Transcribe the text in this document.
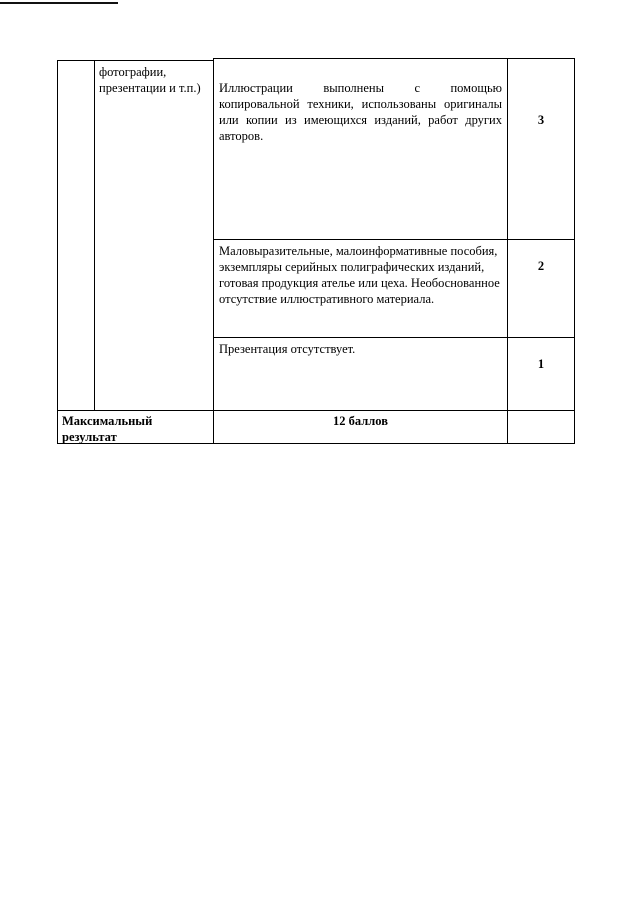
фотографии, презентации и т.п.)	Иллюстрации выполнены с помощью копировальной техники, использованы оригиналы или копии из имеющихся изданий, работ других авторов.
3
Маловыразительные, малоинформативные пособия, экземпляры серийных полиграфических изданий, готовая продукция ателье или цеха. Необоснованное отсутствие иллюстративного материала.
2
Презентация отсутствует.
1
Максимальный результат
12 баллов
